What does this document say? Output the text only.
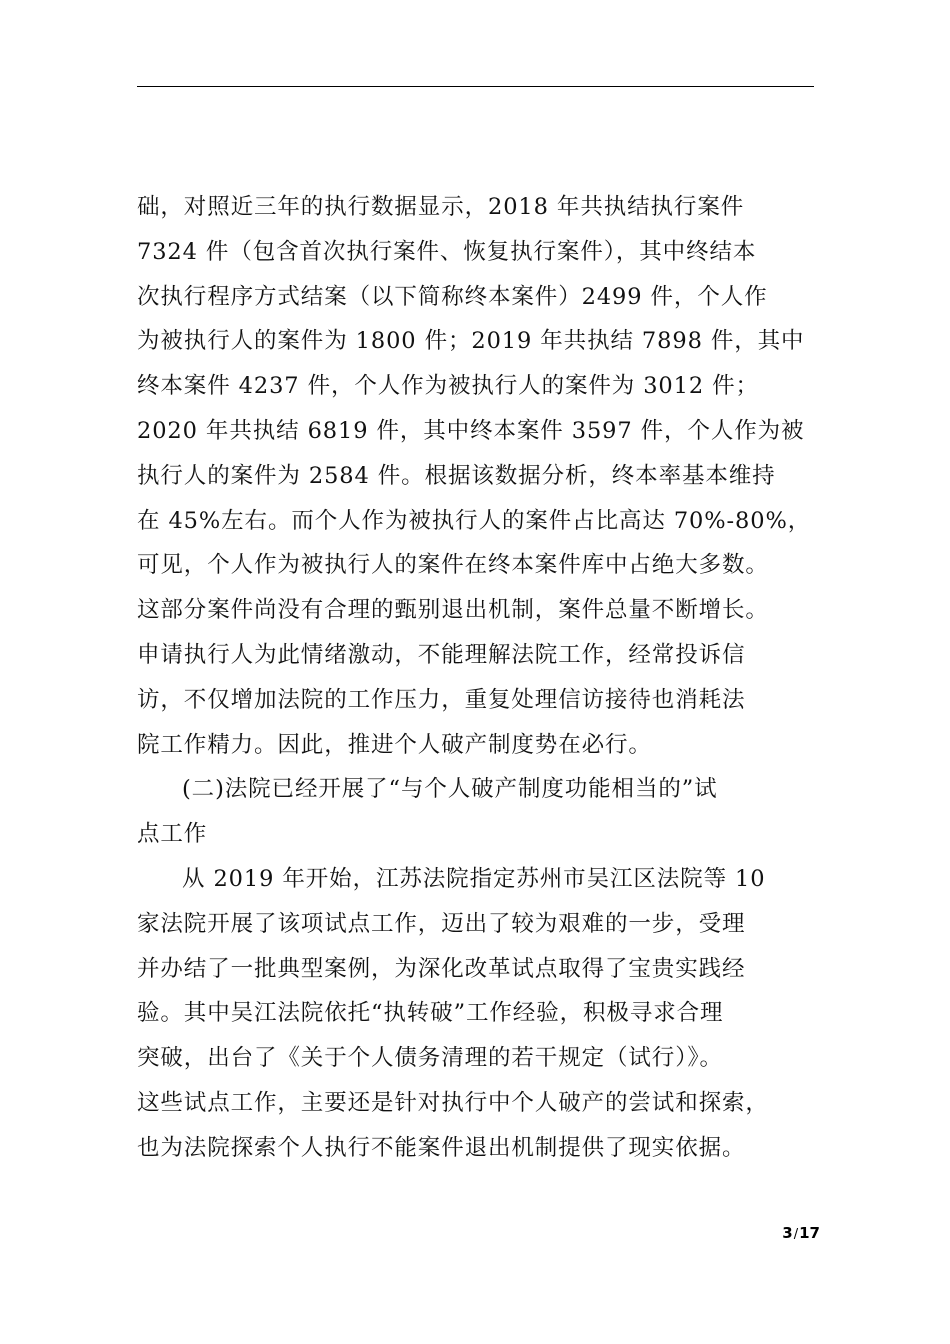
础，对照近三年的执行数据显示，2018 年共执结执行案件
7324 件（包含首次执行案件、恢复执行案件），其中终结本
次执行程序方式结案（以下简称终本案件）2499 件，个人作
为被执行人的案件为 1800 件；2019 年共执结 7898 件，其中
终本案件 4237 件，个人作为被执行人的案件为 3012 件；
2020 年共执结 6819 件，其中终本案件 3597 件，个人作为被
执行人的案件为 2584 件。根据该数据分析，终本率基本维持
在 45%左右。而个人作为被执行人的案件占比高达 70%-80%，
可见，个人作为被执行人的案件在终本案件库中占绝大多数。
这部分案件尚没有合理的甄别退出机制，案件总量不断增长。
申请执行人为此情绪激动，不能理解法院工作，经常投诉信
访，不仅增加法院的工作压力，重复处理信访接待也消耗法
院工作精力。因此，推进个人破产制度势在必行。

(二)法院已经开展了“与个人破产制度功能相当的”试
点工作

从 2019 年开始，江苏法院指定苏州市吴江区法院等 10
家法院开展了该项试点工作，迈出了较为艰难的一步，受理
并办结了一批典型案例，为深化改革试点取得了宝贵实践经
验。其中吴江法院依托“执转破”工作经验，积极寻求合理
突破，出台了《关于个人债务清理的若干规定（试行）》。
这些试点工作，主要还是针对执行中个人破产的尝试和探索，
也为法院探索个人执行不能案件退出机制提供了现实依据。

3/17
